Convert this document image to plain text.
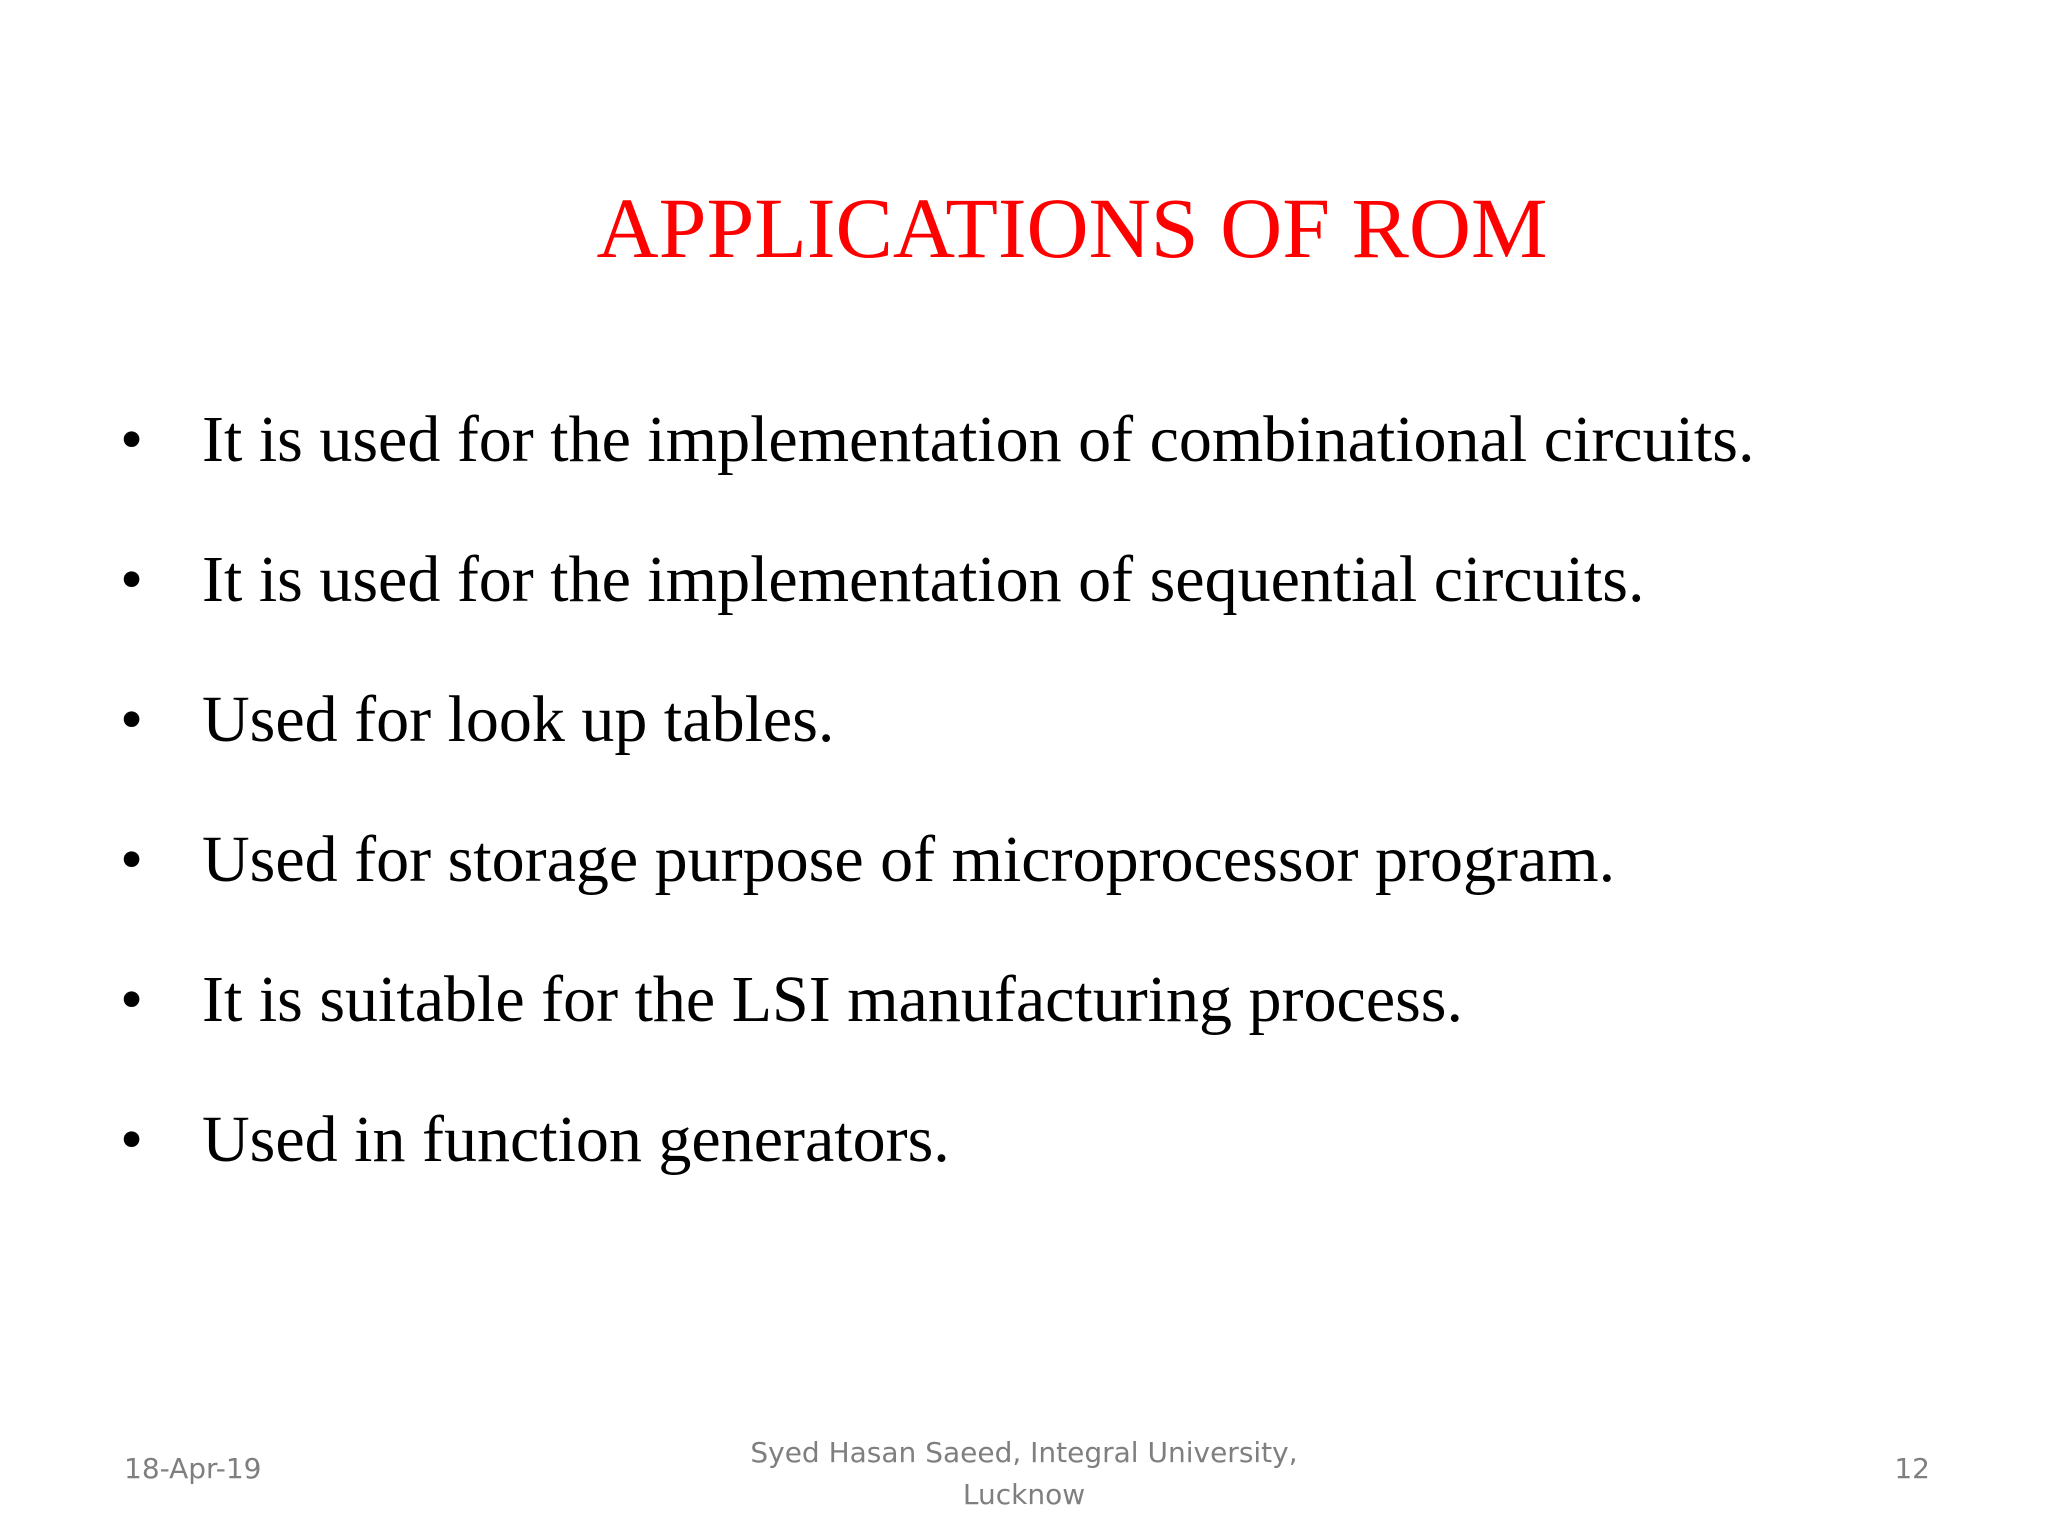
APPLICATIONS OF ROM
• It is used for the implementation of combinational circuits.
• It is used for the implementation of sequential circuits.
• Used for look up tables.
• Used for storage purpose of microprocessor program.
• It is suitable for the LSI manufacturing process.
• Used in function generators.
18-Apr-19	Syed Hasan Saeed, Integral University,
Lucknow
12
